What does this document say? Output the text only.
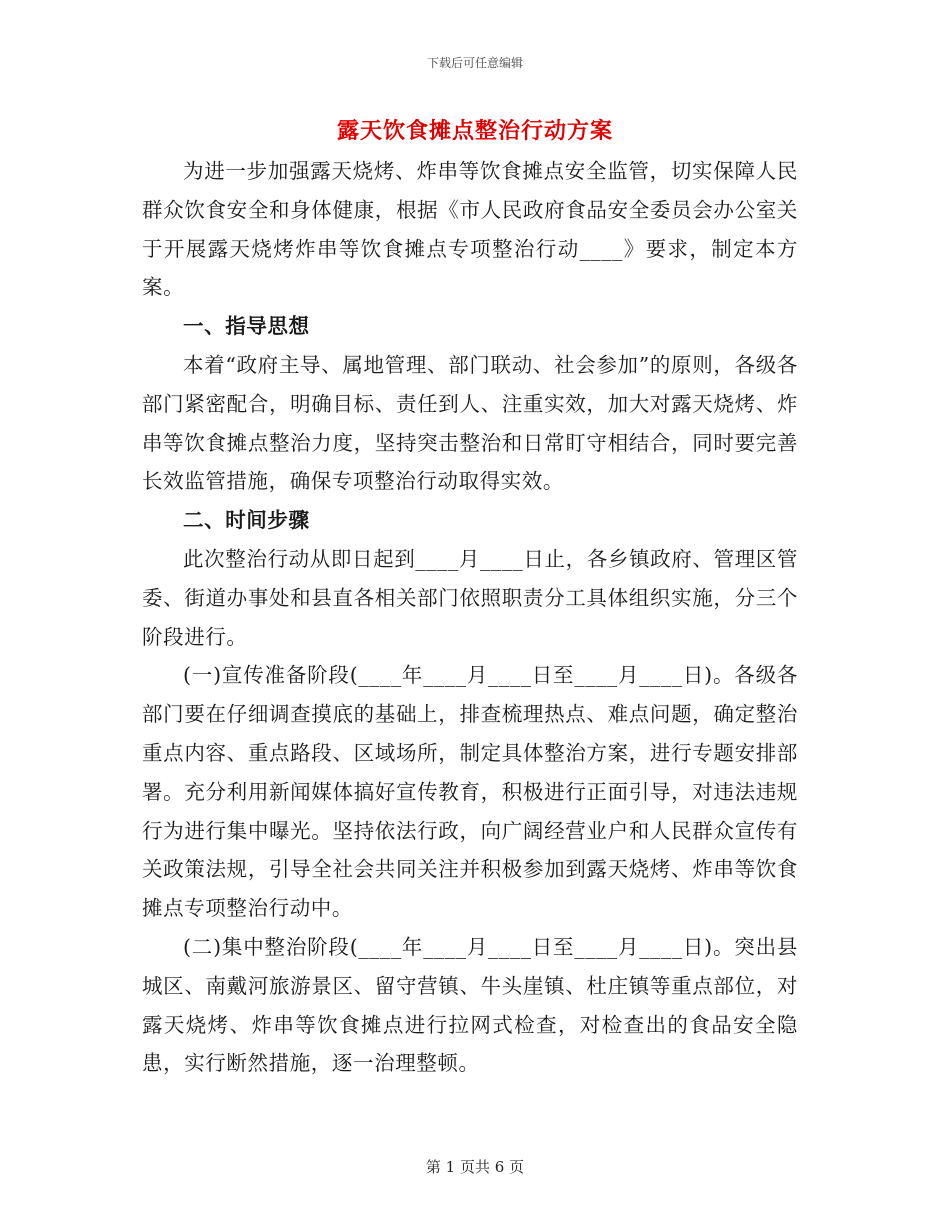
下载后可任意编辑
露天饮食摊点整治行动方案

为进一步加强露天烧烤、炸串等饮食摊点安全监管，切实保障人民群众饮食安全和身体健康，根据《市人民政府食品安全委员会办公室关于开展露天烧烤炸串等饮食摊点专项整治行动____》要求，制定本方案。

一、指导思想

本着“政府主导、属地管理、部门联动、社会参加”的原则，各级各部门紧密配合，明确目标、责任到人、注重实效，加大对露天烧烤、炸串等饮食摊点整治力度，坚持突击整治和日常盯守相结合，同时要完善长效监管措施，确保专项整治行动取得实效。

二、时间步骤

此次整治行动从即日起到____月____日止，各乡镇政府、管理区管委、街道办事处和县直各相关部门依照职责分工具体组织实施，分三个阶段进行。

(一)宣传准备阶段(____年____月____日至____月____日)。各级各部门要在仔细调查摸底的基础上，排查梳理热点、难点问题，确定整治重点内容、重点路段、区域场所，制定具体整治方案，进行专题安排部署。充分利用新闻媒体搞好宣传教育，积极进行正面引导，对违法违规行为进行集中曝光。坚持依法行政，向广阔经营业户和人民群众宣传有关政策法规，引导全社会共同关注并积极参加到露天烧烤、炸串等饮食摊点专项整治行动中。

(二)集中整治阶段(____年____月____日至____月____日)。突出县城区、南戴河旅游景区、留守营镇、牛头崖镇、杜庄镇等重点部位，对露天烧烤、炸串等饮食摊点进行拉网式检查，对检查出的食品安全隐患，实行断然措施，逐一治理整顿。

第 1 页共 6 页
